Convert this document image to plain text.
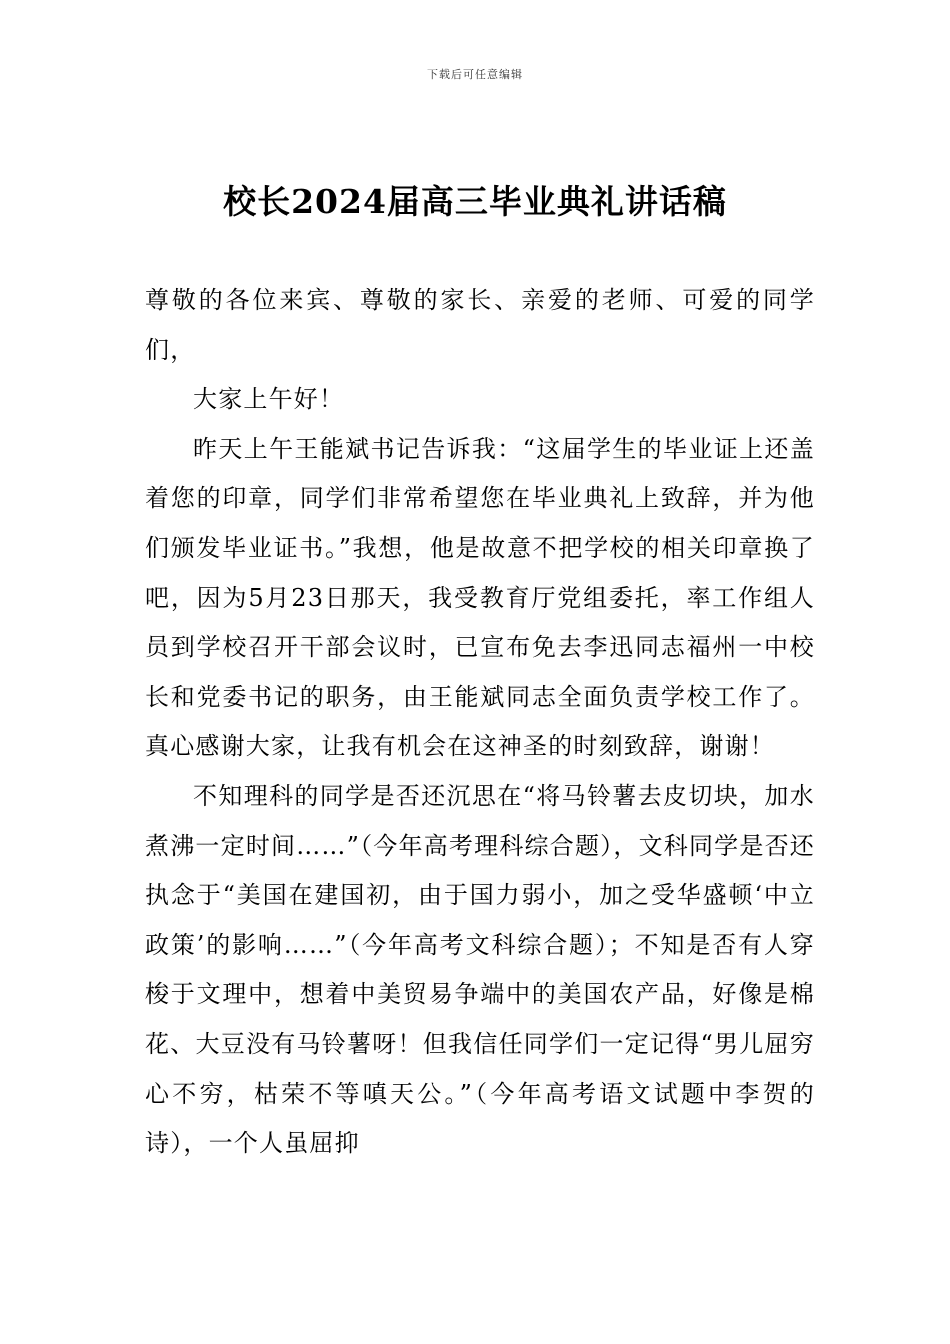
下载后可任意编辑
校长2024届高三毕业典礼讲话稿

尊敬的各位来宾、尊敬的家长、亲爱的老师、可爱的同学们，

大家上午好！

昨天上午王能斌书记告诉我：“这届学生的毕业证上还盖着您的印章，同学们非常希望您在毕业典礼上致辞，并为他们颁发毕业证书。”我想，他是故意不把学校的相关印章换了吧，因为5月23日那天，我受教育厅党组委托，率工作组人员到学校召开干部会议时，已宣布免去李迅同志福州一中校长和党委书记的职务，由王能斌同志全面负责学校工作了。真心感谢大家，让我有机会在这神圣的时刻致辞，谢谢！

不知理科的同学是否还沉思在“将马铃薯去皮切块，加水煮沸一定时间……”（今年高考理科综合题），文科同学是否还执念于“美国在建国初，由于国力弱小，加之受华盛顿‘中立政策’的影响……”（今年高考文科综合题）；不知是否有人穿梭于文理中，想着中美贸易争端中的美国农产品，好像是棉花、大豆没有马铃薯呀！但我信任同学们一定记得“男儿屈穷心不穷，枯荣不等嗔天公。”（今年高考语文试题中李贺的诗），一个人虽屈抑
